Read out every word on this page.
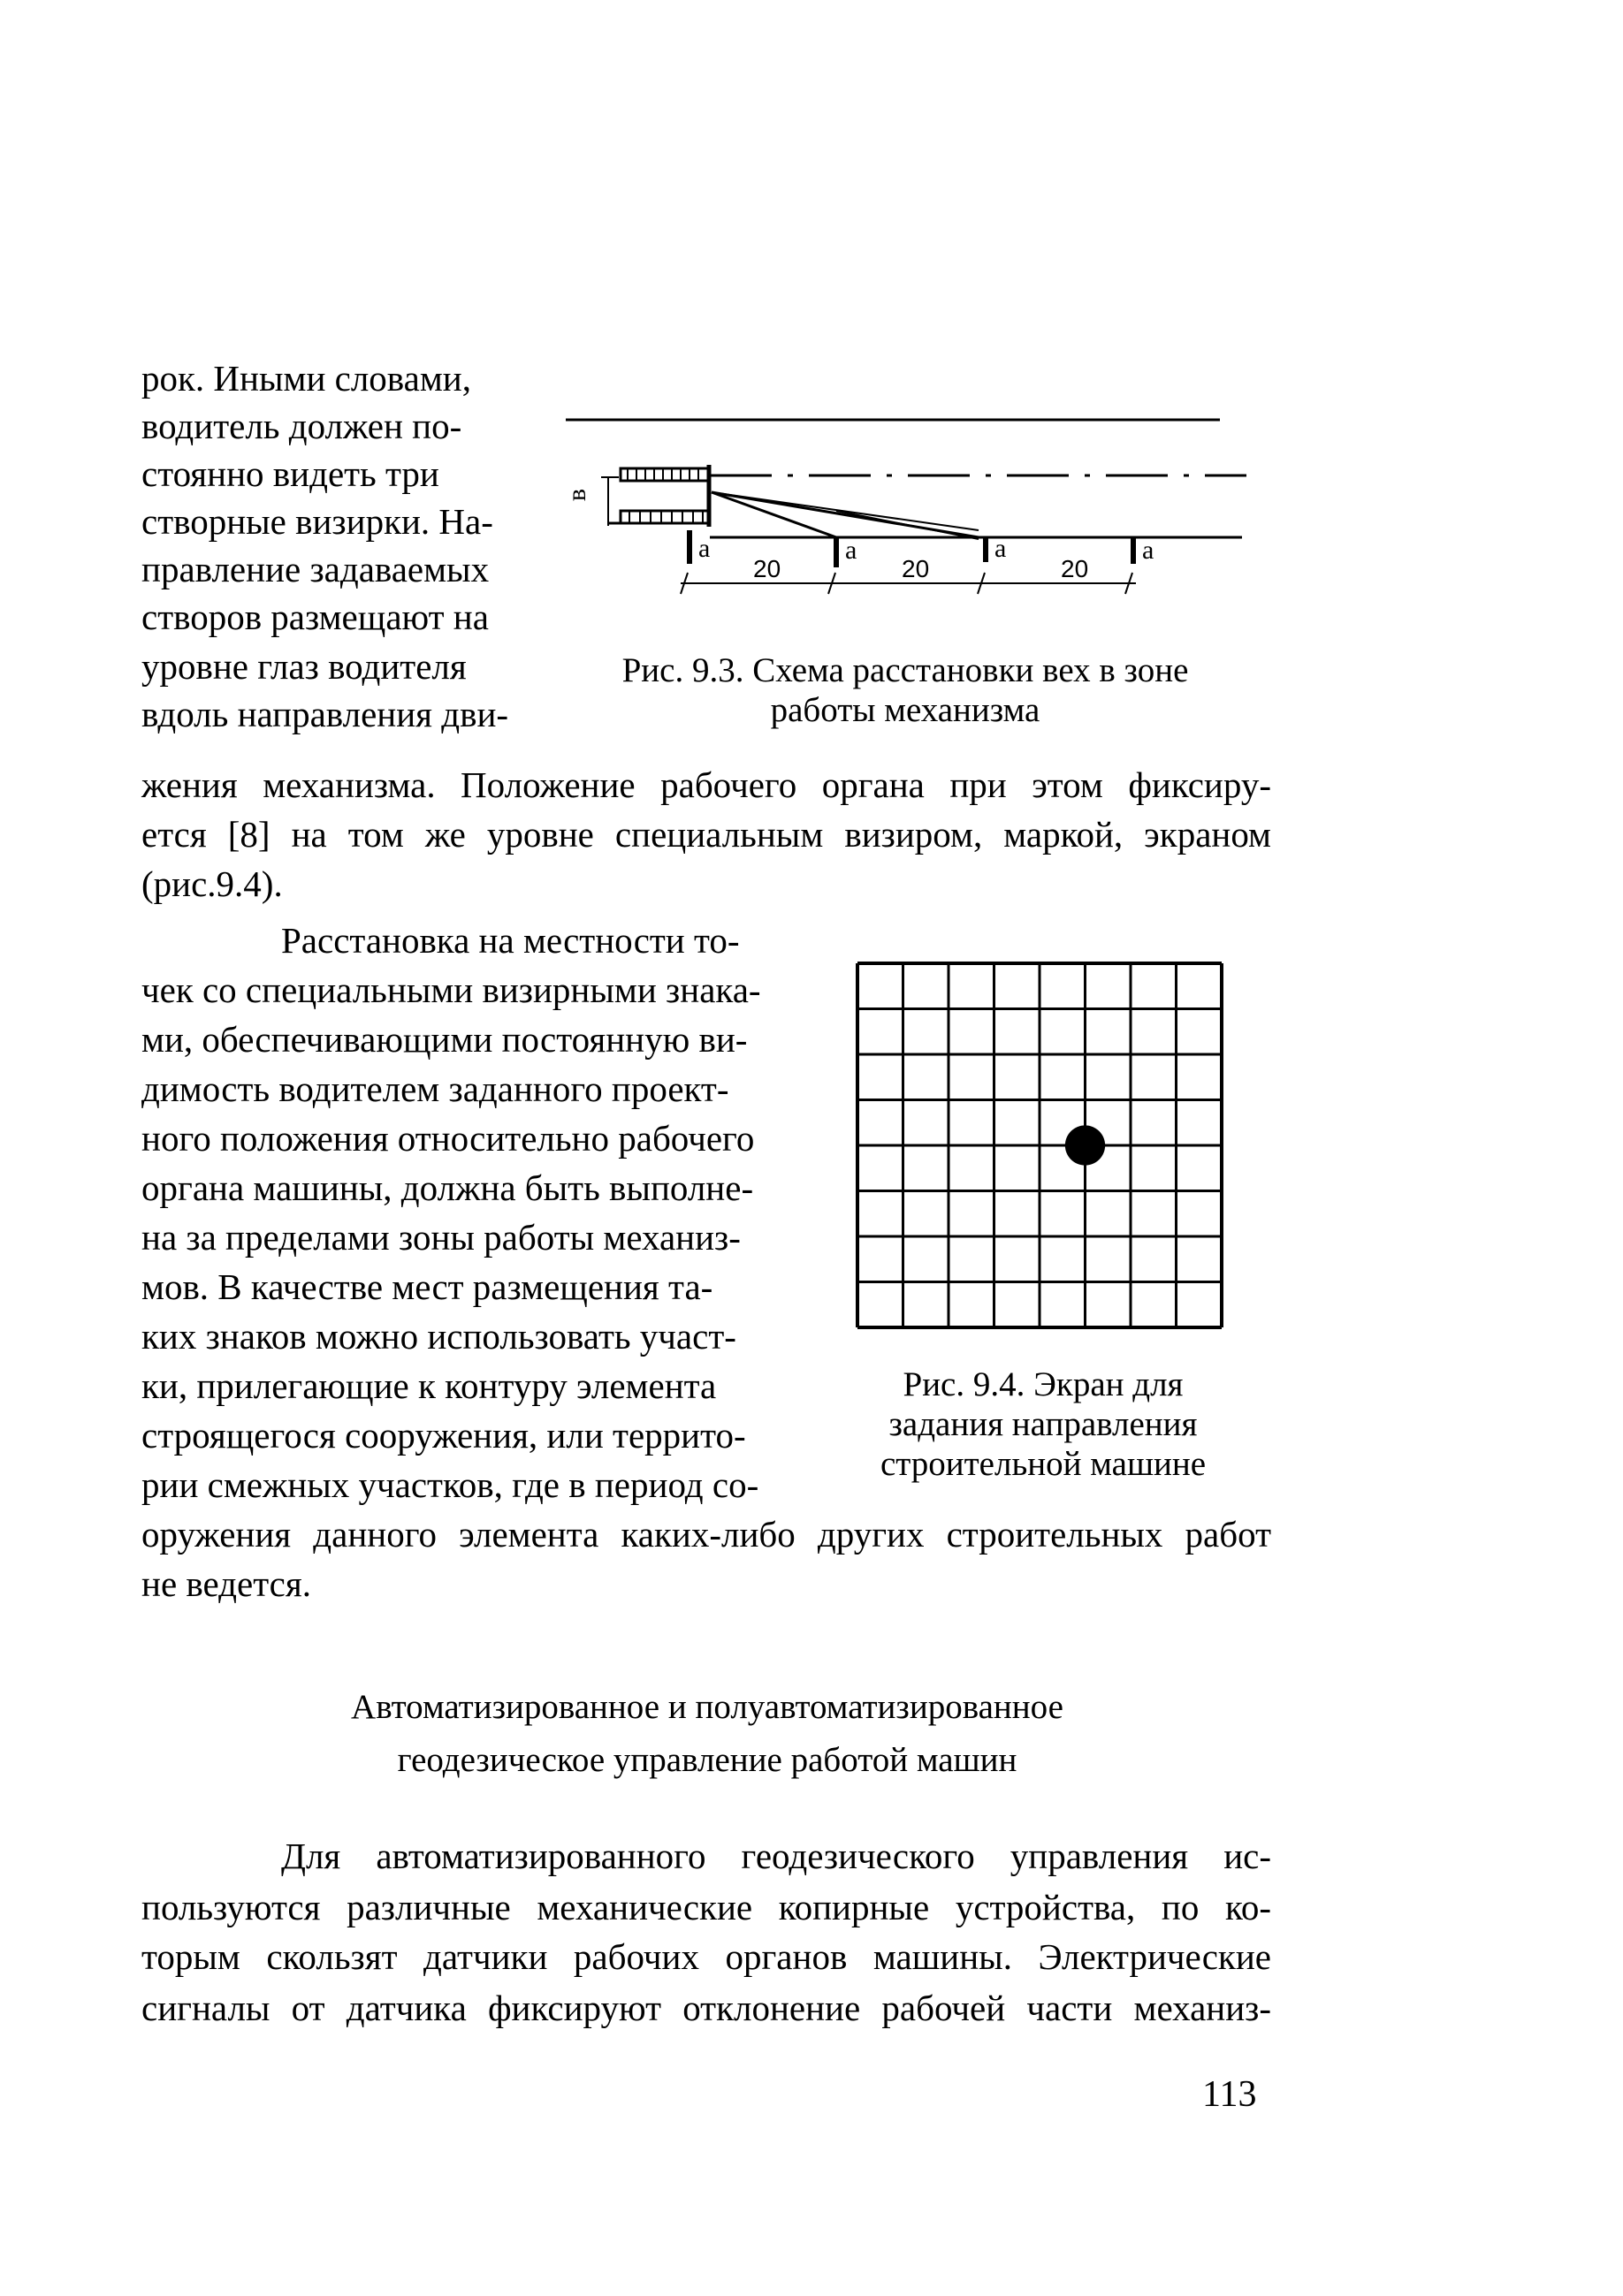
рок. Иными словами,
водитель должен по-
стоянно видеть три
створные визирки. На-
правление задаваемых
створов размещают на
уровне глаз водителя
вдоль направления дви-
жения механизма. Положение рабочего органа при этом фиксиру-
ется [8] на том же уровне специальным визиром, маркой, экраном
(рис.9.4).
в
a	a	a	a
20	20	20
Рис. 9.3. Схема расстановки вех в зоне
работы механизма
Расстановка на местности то-
чек со специальными визирными знака-
ми, обеспечивающими постоянную ви-
димость водителем заданного проект-
ного положения относительно рабочего
органа машины, должна быть выполне-
на за пределами зоны работы механиз-
мов. В качестве мест размещения та-
ких знаков можно использовать участ-
ки, прилегающие к контуру элемента
строящегося сооружения, или террито-
рии смежных участков, где в период со-
оружения данного элемента каких-либо других строительных работ
не ведется.
Рис. 9.4. Экран для
задания направления
строительной машине
Автоматизированное и полуавтоматизированное
геодезическое управление работой машин
Для автоматизированного геодезического управления ис-
пользуются различные механические копирные устройства, по ко-
торым скользят датчики рабочих органов машины. Электрические
сигналы от датчика фиксируют отклонение рабочей части механиз-
113
